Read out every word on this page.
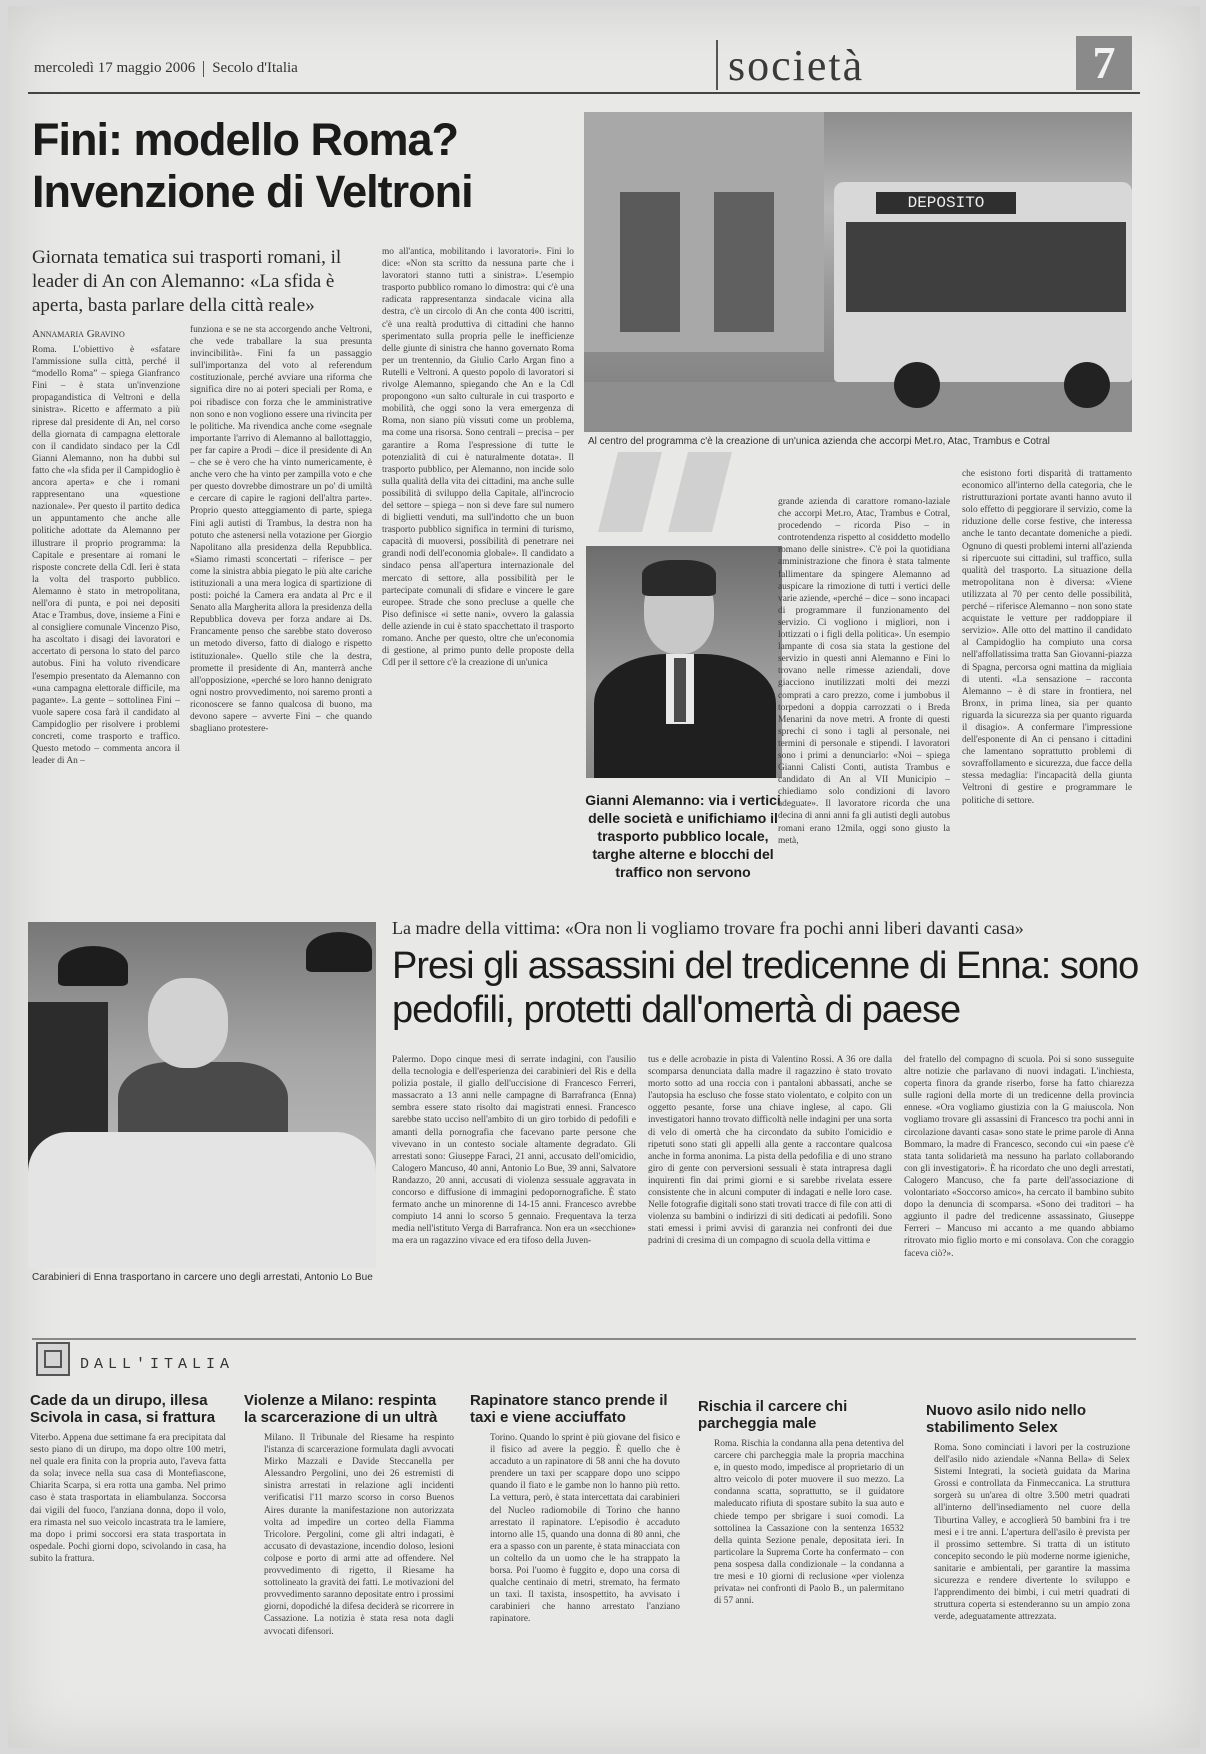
mercoledì 17 maggio 2006 Secolo d'Italia	società	7
Fini: modello Roma? Invenzione di Veltroni
Giornata tematica sui trasporti romani, il leader di An con Alemanno: «La sfida è aperta, basta parlare della città reale»
Annamaria Gravino
DEPOSITO
Al centro del programma c'è la creazione di un'unica azienda che accorpi Met.ro, Atac, Trambus e Cotral
Roma. L'obiettivo è «sfatare l'ammissione sulla città, perché il “modello Roma” – spiega Gianfranco Fini – è stata un'invenzione propagandistica di Veltroni e della sinistra». Ricetto e affermato a più riprese dal presidente di An, nel corso della giornata di campagna elettorale con il candidato sindaco per la Cdl Gianni Alemanno, non ha dubbi sul fatto che «la sfida per il Campidoglio è ancora aperta» e che i romani rappresentano una «questione nazionale». Per questo il partito dedica un appuntamento che anche alle politiche adottate da Alemanno per illustrare il proprio programma: la Capitale e presentare ai romani le risposte concrete della Cdl. Ieri è stata la volta del trasporto pubblico. Alemanno è stato in metropolitana, nell'ora di punta, e poi nei depositi Atac e Trambus, dove, insieme a Fini e al consigliere comunale Vincenzo Piso, ha ascoltato i disagi dei lavoratori e accertato di persona lo stato del parco autobus. Fini ha voluto rivendicare l'esempio presentato da Alemanno con «una campagna elettorale difficile, ma pagante». La gente – sottolinea Fini – vuole sapere cosa farà il candidato al Campidoglio per risolvere i problemi concreti, come trasporto e traffico. Questo metodo – commenta ancora il leader di An –
funziona e se ne sta accorgendo anche Veltroni, che vede traballare la sua presunta invincibilità». Fini fa un passaggio sull'importanza del voto al referendum costituzionale, perché avviare una riforma che significa dire no ai poteri speciali per Roma, e poi ribadisce con forza che le amministrative non sono e non vogliono essere una rivincita per le politiche. Ma rivendica anche come «segnale importante l'arrivo di Alemanno al ballottaggio, per far capire a Prodi – dice il presidente di An – che se è vero che ha vinto numericamente, è anche vero che ha vinto per zampilla voto e che per questo dovrebbe dimostrare un po' di umiltà e cercare di capire le ragioni dell'altra parte». Proprio questo atteggiamento di parte, spiega Fini agli autisti di Trambus, la destra non ha potuto che astenersi nella votazione per Giorgio Napolitano alla presidenza della Repubblica. «Siamo rimasti sconcertati – riferisce – per come la sinistra abbia piegato le più alte cariche istituzionali a una mera logica di spartizione di posti: poiché la Camera era andata al Prc e il Senato alla Margherita allora la presidenza della Repubblica doveva per forza andare ai Ds. Francamente penso che sarebbe stato doveroso un metodo diverso, fatto di dialogo e rispetto istituzionale». Quello stile che la destra, promette il presidente di An, manterrà anche all'opposizione, «perché se loro hanno denigrato ogni nostro provvedimento, noi saremo pronti a riconoscere se fanno qualcosa di buono, ma devono sapere – avverte Fini – che quando sbagliano protestere-
mo all'antica, mobilitando i lavoratori». Fini lo dice: «Non sta scritto da nessuna parte che i lavoratori stanno tutti a sinistra». L'esempio trasporto pubblico romano lo dimostra: qui c'è una radicata rappresentanza sindacale vicina alla destra, c'è un circolo di An che conta 400 iscritti, c'è una realtà produttiva di cittadini che hanno sperimentato sulla propria pelle le inefficienze delle giunte di sinistra che hanno governato Roma per un trentennio, da Giulio Carlo Argan fino a Rutelli e Veltroni. A questo popolo di lavoratori si rivolge Alemanno, spiegando che An e la Cdl propongono «un salto culturale in cui trasporto e mobilità, che oggi sono la vera emergenza di Roma, non siano più vissuti come un problema, ma come una risorsa. Sono centrali – precisa – per garantire a Roma l'espressione di tutte le potenzialità di cui è naturalmente dotata». Il trasporto pubblico, per Alemanno, non incide solo sulla qualità della vita dei cittadini, ma anche sulle possibilità di sviluppo della Capitale, all'incrocio del settore – spiega – non si deve fare sul numero di biglietti venduti, ma sull'indotto che un buon trasporto pubblico significa in termini di turismo, capacità di muoversi, possibilità di penetrare nei grandi nodi dell'economia globale». Il candidato a sindaco pensa all'apertura internazionale del mercato di settore, alla possibilità per le partecipate comunali di sfidare e vincere le gare europee. Strade che sono precluse a quelle che Piso definisce «i sette nani», ovvero la galassia delle aziende in cui è stato spacchettato il trasporto romano. Anche per questo, oltre che un'economia di gestione, al primo punto delle proposte della Cdl per il settore c'è la creazione di un'unica
Gianni Alemanno: via i vertici delle società e unifichiamo il trasporto pubblico locale, targhe alterne e blocchi del traffico non servono
grande azienda di carattore romano-laziale che accorpi Met.ro, Atac, Trambus e Cotral, procedendo – ricorda Piso – in controtendenza rispetto al cosiddetto modello romano delle sinistre». C'è poi la quotidiana amministrazione che finora è stata talmente fallimentare da spingere Alemanno ad auspicare la rimozione di tutti i vertici delle varie aziende, «perché – dice – sono incapaci di programmare il funzionamento del servizio. Ci vogliono i migliori, non i lottizzati o i figli della politica». Un esempio lampante di cosa sia stata la gestione del servizio in questi anni Alemanno e Fini lo trovano nelle rimesse aziendali, dove giacciono inutilizzati molti dei mezzi comprati a caro prezzo, come i jumbobus il torpedoni a doppia carrozzati o i Breda Menarini da nove metri. A fronte di questi sprechi ci sono i tagli al personale, nei termini di personale e stipendi. I lavoratori sono i primi a denunciarlo: «Noi – spiega Gianni Calisti Conti, autista Trambus e candidato di An al VII Municipio – chiediamo solo condizioni di lavoro adeguate». Il lavoratore ricorda che una decina di anni anni fa gli autisti degli autobus romani erano 12mila, oggi sono giusto la metà,
che esistono forti disparità di trattamento economico all'interno della categoria, che le ristrutturazioni portate avanti hanno avuto il solo effetto di peggiorare il servizio, come la riduzione delle corse festive, che interessa anche le tanto decantate domeniche a piedi. Ognuno di questi problemi interni all'azienda si ripercuote sui cittadini, sul traffico, sulla qualità del trasporto. La situazione della metropolitana non è diversa: «Viene utilizzata al 70 per cento delle possibilità, perché – riferisce Alemanno – non sono state acquistate le vetture per raddoppiare il servizio». Alle otto del mattino il candidato al Campidoglio ha compiuto una corsa nell'affollatissima tratta San Giovanni-piazza di Spagna, percorsa ogni mattina da migliaia di utenti. «La sensazione – racconta Alemanno – è di stare in frontiera, nel Bronx, in prima linea, sia per quanto riguarda la sicurezza sia per quanto riguarda il disagio». A confermare l'impressione dell'esponente di An ci pensano i cittadini che lamentano soprattutto problemi di sovraffollamento e sicurezza, due facce della stessa medaglia: l'incapacità della giunta Veltroni di gestire e programmare le politiche di settore.
Carabinieri di Enna trasportano in carcere uno degli arrestati, Antonio Lo Bue
La madre della vittima: «Ora non li vogliamo trovare fra pochi anni liberi davanti casa»
Presi gli assassini del tredicenne di Enna: sono pedofili, protetti dall'omertà di paese
Palermo. Dopo cinque mesi di serrate indagini, con l'ausilio della tecnologia e dell'esperienza dei carabinieri del Ris e della polizia postale, il giallo dell'uccisione di Francesco Ferreri, massacrato a 13 anni nelle campagne di Barrafranca (Enna) sembra essere stato risolto dai magistrati ennesi. Francesco sarebbe stato ucciso nell'ambito di un giro torbido di pedofili e amanti della pornografia che facevano parte persone che vivevano in un contesto sociale altamente degradato. Gli arrestati sono: Giuseppe Faraci, 21 anni, accusato dell'omicidio, Calogero Mancuso, 40 anni, Antonio Lo Bue, 39 anni, Salvatore Randazzo, 20 anni, accusati di violenza sessuale aggravata in concorso e diffusione di immagini pedopornografiche. È stato fermato anche un minorenne di 14-15 anni. Francesco avrebbe compiuto 14 anni lo scorso 5 gennaio. Frequentava la terza media nell'istituto Verga di Barrafranca. Non era un «secchione» ma era un ragazzino vivace ed era tifoso della Juven-
tus e delle acrobazie in pista di Valentino Rossi. A 36 ore dalla scomparsa denunciata dalla madre il ragazzino è stato trovato morto sotto ad una roccia con i pantaloni abbassati, anche se l'autopsia ha escluso che fosse stato violentato, e colpito con un oggetto pesante, forse una chiave inglese, al capo. Gli investigatori hanno trovato difficoltà nelle indagini per una sorta di velo di omertà che ha circondato da subito l'omicidio e ripetuti sono stati gli appelli alla gente a raccontare qualcosa anche in forma anonima. La pista della pedofilia e di uno strano giro di gente con perversioni sessuali è stata intrapresa dagli inquirenti fin dai primi giorni e si sarebbe rivelata essere consistente che in alcuni computer di indagati e nelle loro case. Nelle fotografie digitali sono stati trovati tracce di file con atti di violenza su bambini o indirizzi di siti dedicati ai pedofili. Sono stati emessi i primi avvisi di garanzia nei confronti dei due padrini di cresima di un compagno di scuola della vittima e
del fratello del compagno di scuola. Poi si sono susseguite altre notizie che parlavano di nuovi indagati. L'inchiesta, coperta finora da grande riserbo, forse ha fatto chiarezza sulle ragioni della morte di un tredicenne della provincia ennese. «Ora vogliamo giustizia con la G maiuscola. Non vogliamo trovare gli assassini di Francesco tra pochi anni in circolazione davanti casa» sono state le prime parole di Anna Bommaro, la madre di Francesco, secondo cui «in paese c'è stata tanta solidarietà ma nessuno ha parlato collaborando con gli investigatori». È ha ricordato che uno degli arrestati, Calogero Mancuso, che fa parte dell'associazione di volontariato «Soccorso amico», ha cercato il bambino subito dopo la denuncia di scomparsa. «Sono dei traditori – ha aggiunto il padre del tredicenne assassinato, Giuseppe Ferreri – Mancuso mi accanto a me quando abbiamo ritrovato mio figlio morto e mi consolava. Con che coraggio faceva ciò?».
DALL'ITALIA
Cade da un dirupo, illesa Scivola in casa, si frattura
Viterbo. Appena due settimane fa era precipitata dal sesto piano di un dirupo, ma dopo oltre 100 metri, nel quale era finita con la propria auto, l'aveva fatta da sola; invece nella sua casa di Montefiascone, Chiarita Scarpa, si era rotta una gamba. Nel primo caso è stata trasportata in eliambulanza. Soccorsa dai vigili del fuoco, l'anziana donna, dopo il volo, era rimasta nel suo veicolo incastrata tra le lamiere, ma dopo i primi soccorsi era stata trasportata in ospedale. Pochi giorni dopo, scivolando in casa, ha subito la frattura.
Violenze a Milano: respinta la scarcerazione di un ultrà
Milano. Il Tribunale del Riesame ha respinto l'istanza di scarcerazione formulata dagli avvocati Mirko Mazzali e Davide Steccanella per Alessandro Pergolini, uno dei 26 estremisti di sinistra arrestati in relazione agli incidenti verificatisi l'11 marzo scorso in corso Buenos Aires durante la manifestazione non autorizzata volta ad impedire un corteo della Fiamma Tricolore. Pergolini, come gli altri indagati, è accusato di devastazione, incendio doloso, lesioni colpose e porto di armi atte ad offendere. Nel provvedimento di rigetto, il Riesame ha sottolineato la gravità dei fatti. Le motivazioni del provvedimento saranno depositate entro i prossimi giorni, dopodiché la difesa deciderà se ricorrere in Cassazione. La notizia è stata resa nota dagli avvocati difensori.
Rapinatore stanco prende il taxi e viene acciuffato
Torino. Quando lo sprint è più giovane del fisico e il fisico ad avere la peggio. È quello che è accaduto a un rapinatore di 58 anni che ha dovuto prendere un taxi per scappare dopo uno scippo quando il fiato e le gambe non lo hanno più retto. La vettura, però, è stata intercettata dai carabinieri del Nucleo radiomobile di Torino che hanno arrestato il rapinatore. L'episodio è accaduto intorno alle 15, quando una donna di 80 anni, che era a spasso con un parente, è stata minacciata con un coltello da un uomo che le ha strappato la borsa. Poi l'uomo è fuggito e, dopo una corsa di qualche centinaio di metri, stremato, ha fermato un taxi. Il taxista, insospettito, ha avvisato i carabinieri che hanno arrestato l'anziano rapinatore.
Rischia il carcere chi parcheggia male
Roma. Rischia la condanna alla pena detentiva del carcere chi parcheggia male la propria macchina e, in questo modo, impedisce al proprietario di un altro veicolo di poter muovere il suo mezzo. La condanna scatta, soprattutto, se il guidatore maleducato rifiuta di spostare subito la sua auto e chiede tempo per sbrigare i suoi comodi. La sottolinea la Cassazione con la sentenza 16532 della quinta Sezione penale, depositata ieri. In particolare la Suprema Corte ha confermato – con pena sospesa dalla condizionale – la condanna a tre mesi e 10 giorni di reclusione «per violenza privata» nei confronti di Paolo B., un palermitano di 57 anni.
Nuovo asilo nido nello stabilimento Selex
Roma. Sono cominciati i lavori per la costruzione dell'asilo nido aziendale «Nanna Bella» di Selex Sistemi Integrati, la società guidata da Marina Grossi e controllata da Finmeccanica. La struttura sorgerà su un'area di oltre 3.500 metri quadrati all'interno dell'insediamento nel cuore della Tiburtina Valley, e accoglierà 50 bambini fra i tre mesi e i tre anni. L'apertura dell'asilo è prevista per il prossimo settembre. Si tratta di un istituto concepito secondo le più moderne norme igieniche, sanitarie e ambientali, per garantire la massima sicurezza e rendere divertente lo sviluppo e l'apprendimento dei bimbi, i cui metri quadrati di struttura coperta si estenderanno su un ampio zona verde, adeguatamente attrezzata.
